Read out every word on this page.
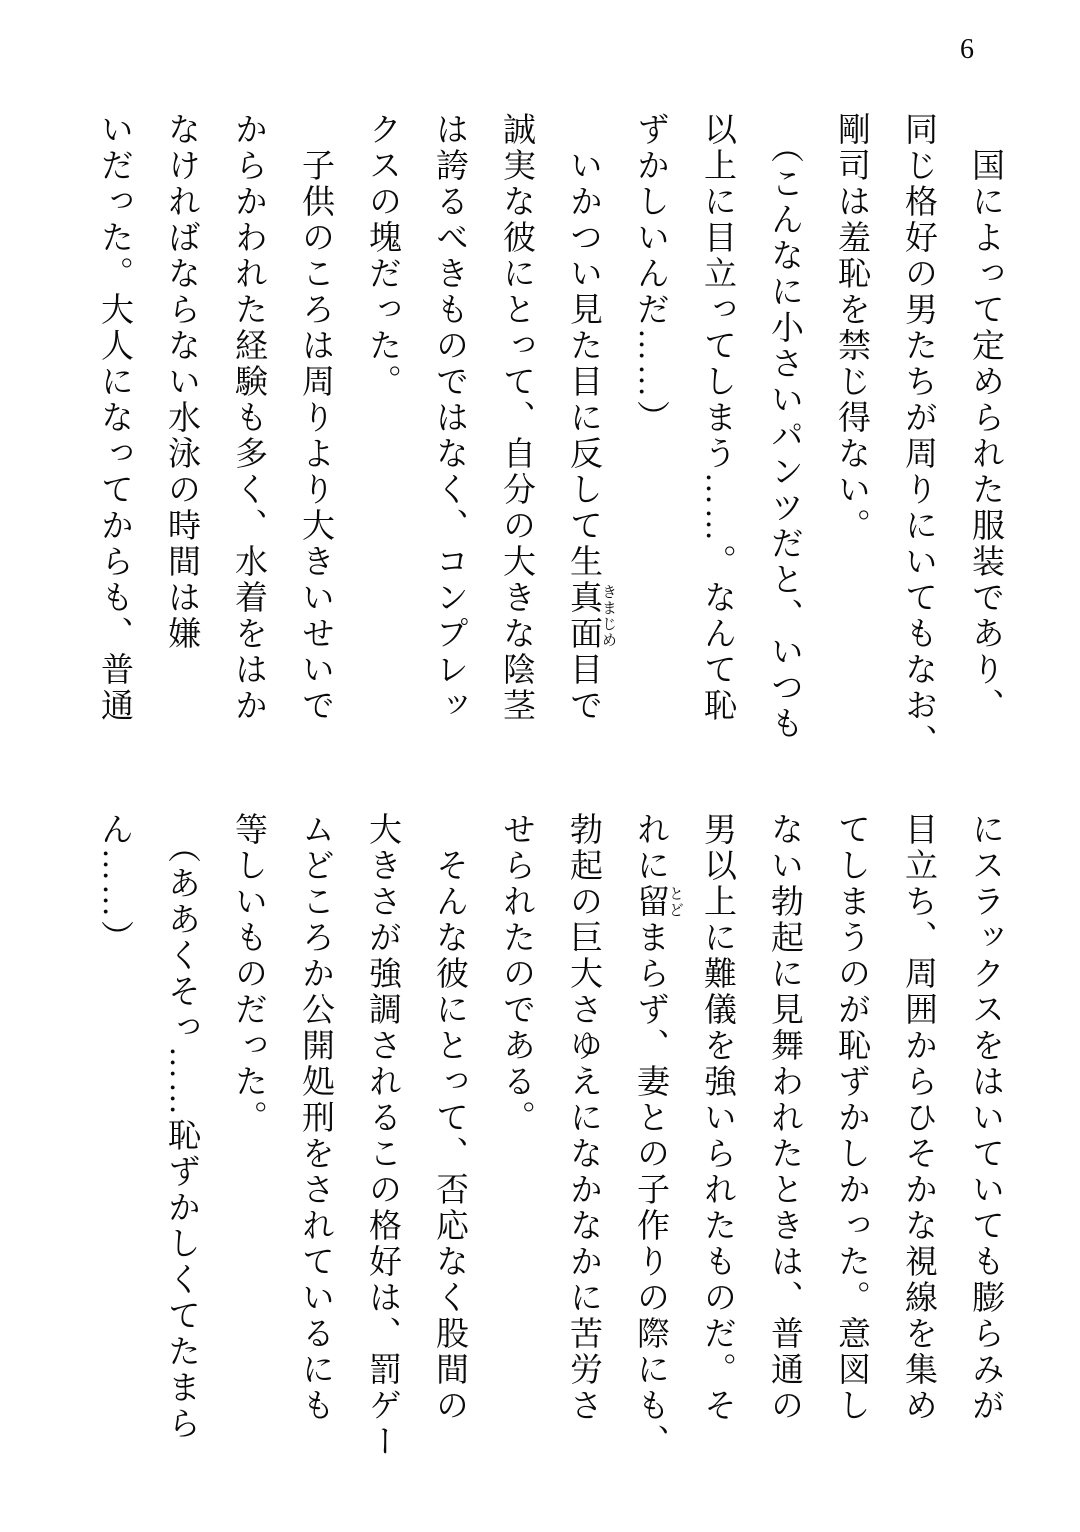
6

国によって定められた服装であり、

同じ格好の男たちが周りにいてもなお、

剛司は羞恥を禁じ得ない。

（こんなに小さいパンツだと、いつも

以上に目立ってしまう……。なんて恥

ずかしいんだ……）

いかつい見た目に反して生真面目 きまじめで

誠実な彼にとって、自分の大きな陰茎

は誇るべきものではなく、コンプレッ

クスの塊だった。

子供のころは周りより大きいせいで

からかわれた経験も多く、水着をはか

なければならない水泳の時間は嫌

いだった。大人になってからも、普通

にスラックスをはいていても膨らみが

目立ち、周囲からひそかな視線を集め

てしまうのが恥ずかしかった。意図し

ない勃起に見舞われたときは、普通の

男以上に難儀を強いられたものだ。そ

れに留 とどまらず、妻との子作りの際にも、

勃起の巨大さゆえになかなかに苦労さ

せられたのである。

そんな彼にとって、否応なく股間の

大きさが強調されるこの格好は、罰ゲー

ムどころか公開処刑をされているにも

等しいものだった。

（ああくそっ……恥ずかしくてたまら

ん……）
